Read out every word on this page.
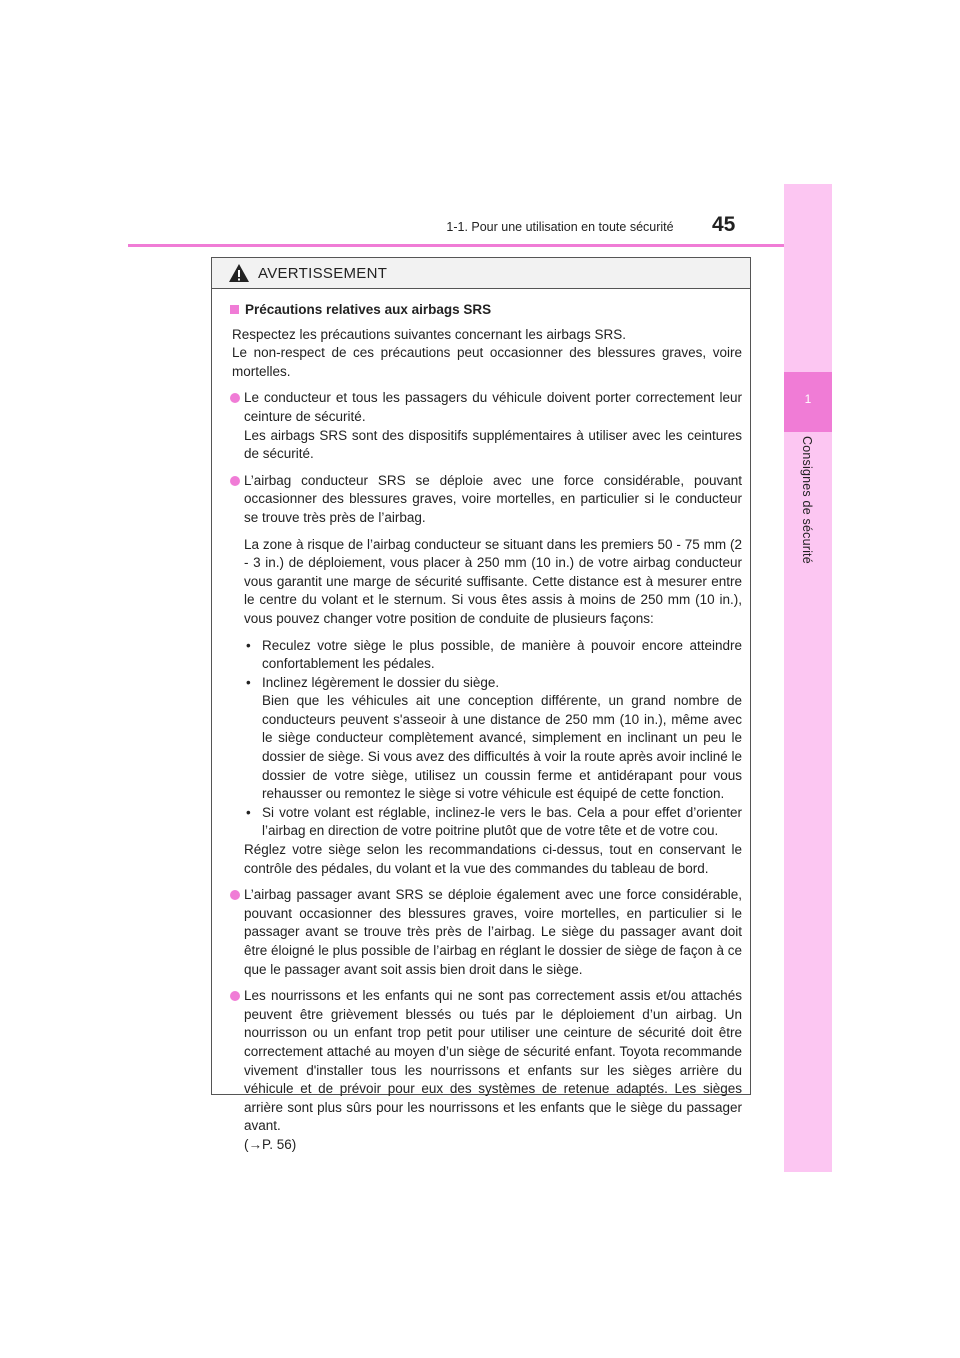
1-1. Pour une utilisation en toute sécurité	45
1
Consignes de sécurité
AVERTISSEMENT
Précautions relatives aux airbags SRS

Respectez les précautions suivantes concernant les airbags SRS.

Le non-respect de ces précautions peut occasionner des blessures graves, voire mortelles.

Le conducteur et tous les passagers du véhicule doivent porter correctement leur ceinture de sécurité.

Les airbags SRS sont des dispositifs supplémentaires à utiliser avec les ceintures de sécurité.

L’airbag conducteur SRS se déploie avec une force considérable, pouvant occasionner des blessures graves, voire mortelles, en particulier si le conducteur se trouve très près de l’airbag.

La zone à risque de l’airbag conducteur se situant dans les premiers 50 - 75 mm (2 - 3 in.) de déploiement, vous placer à 250 mm (10 in.) de votre airbag conducteur vous garantit une marge de sécurité suffisante. Cette distance est à mesurer entre le centre du volant et le sternum. Si vous êtes assis à moins de 250 mm (10 in.), vous pouvez changer votre position de conduite de plusieurs façons:

• Reculez votre siège le plus possible, de manière à pouvoir encore atteindre confortablement les pédales.
• Inclinez légèrement le dossier du siège.
Bien que les véhicules ait une conception différente, un grand nombre de conducteurs peuvent s'asseoir à une distance de 250 mm (10 in.), même avec le siège conducteur complètement avancé, simplement en inclinant un peu le dossier de siège. Si vous avez des difficultés à voir la route après avoir incliné le dossier de votre siège, utilisez un coussin ferme et antidérapant pour vous rehausser ou remontez le siège si votre véhicule est équipé de cette fonction.
• Si votre volant est réglable, inclinez-le vers le bas. Cela a pour effet d’orienter l’airbag en direction de votre poitrine plutôt que de votre tête et de votre cou.

Réglez votre siège selon les recommandations ci-dessus, tout en conservant le contrôle des pédales, du volant et la vue des commandes du tableau de bord.

L’airbag passager avant SRS se déploie également avec une force considérable, pouvant occasionner des blessures graves, voire mortelles, en particulier si le passager avant se trouve très près de l’airbag. Le siège du passager avant doit être éloigné le plus possible de l’airbag en réglant le dossier de siège de façon à ce que le passager avant soit assis bien droit dans le siège.

Les nourrissons et les enfants qui ne sont pas correctement assis et/ou attachés peuvent être grièvement blessés ou tués par le déploiement d’un airbag. Un nourrisson ou un enfant trop petit pour utiliser une ceinture de sécurité doit être correctement attaché au moyen d’un siège de sécurité enfant. Toyota recommande vivement d'installer tous les nourrissons et enfants sur les sièges arrière du véhicule et de prévoir pour eux des systèmes de retenue adaptés. Les sièges arrière sont plus sûrs pour les nourrissons et les enfants que le siège du passager avant.

(→P. 56)
